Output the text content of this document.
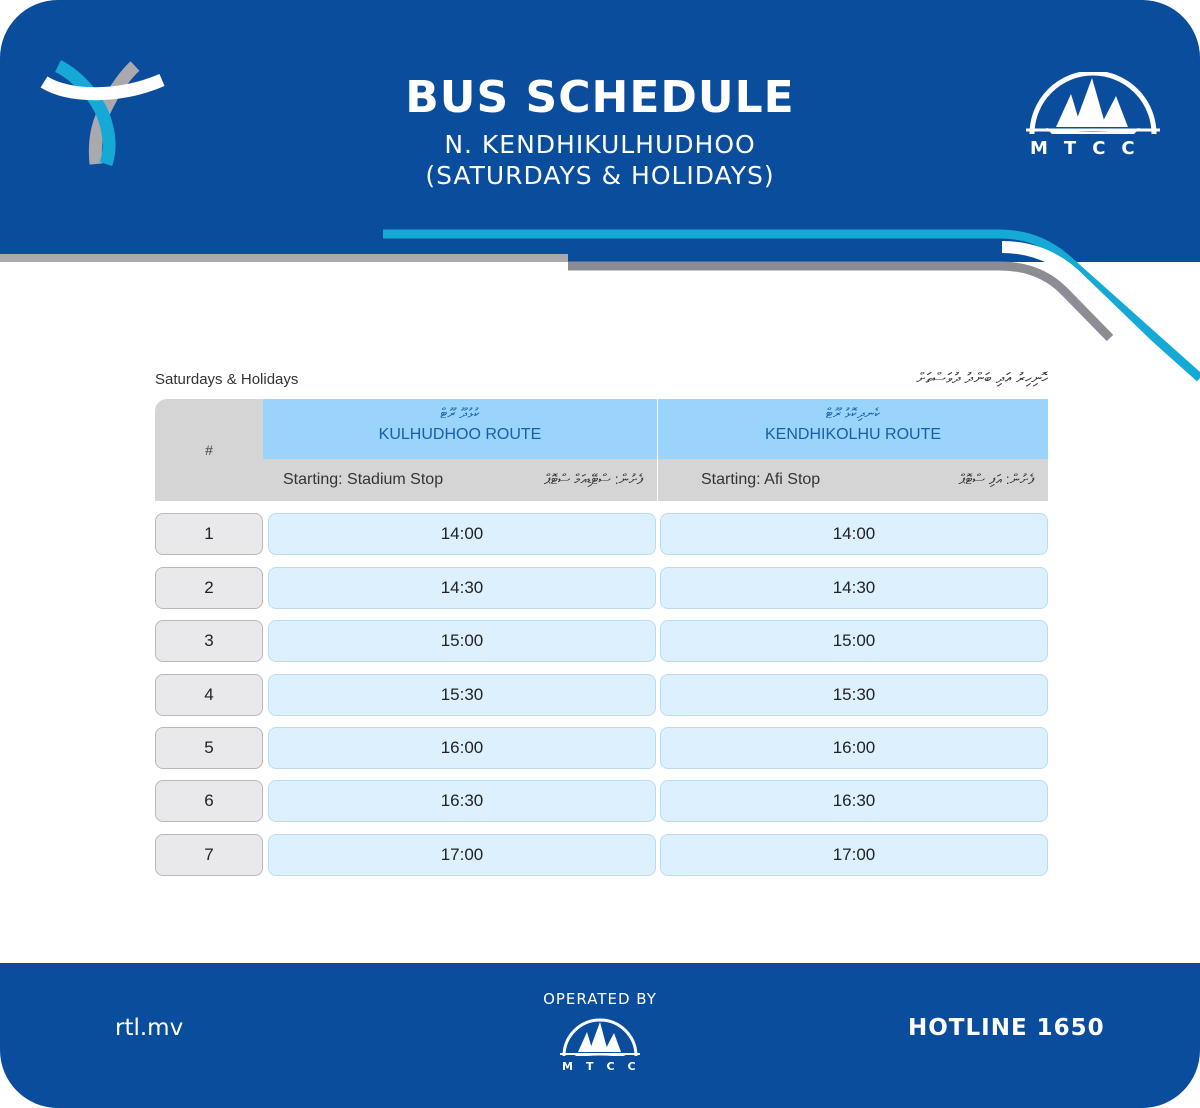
BUS SCHEDULE
N. KENDHIKULHUDHOO
(SATURDAYS & HOLIDAYS)
MTCC
Saturdays & Holidays	ހޮނިހިރު އަދި ބަންދު ދުވަސްތަށް
#
ކުޅުދޫ ރޫޓް
KULHUDHOO ROUTE
ކެނދިކޮޅު ރޫޓް
KENDHIKOLHU ROUTE
Starting: Stadium Stop	ފެށުން: ސްޓޭޑިއަމް ސްޓޮޕް	Starting: Afi Stop	ފެށުން: އަފި ސްޓޮޕް
1	14:00	14:00
2	14:30	14:30
3	15:00	15:00
4	15:30	15:30
5	16:00	16:00
6	16:30	16:30
7	17:00	17:00
rtl.mv
OPERATED BY
MTCC
HOTLINE 1650
